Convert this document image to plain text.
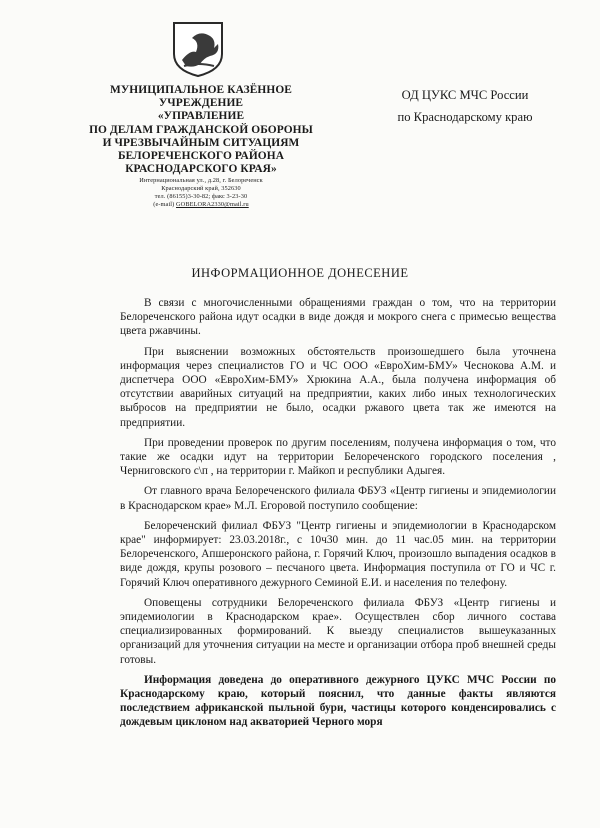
МУНИЦИПАЛЬНОЕ КАЗЁННОЕ
УЧРЕЖДЕНИЕ
«УПРАВЛЕНИЕ
ПО ДЕЛАМ ГРАЖДАНСКОЙ ОБОРОНЫ
И ЧРЕЗВЫЧАЙНЫМ СИТУАЦИЯМ
БЕЛОРЕЧЕНСКОГО РАЙОНА
КРАСНОДАРСКОГО КРАЯ»
Интернациональная ул., д.28, г. Белореченск
Краснодарский край, 352630
тел. (86155)3-30-82; факс 3-23-30
(e-mail) GOBELORA2330@mail.ru
ОД ЦУКС МЧС России
по Краснодарскому краю
ИНФОРМАЦИОННОЕ ДОНЕСЕНИЕ

В связи с многочисленными обращениями граждан о том, что на территории Белореченского района идут осадки в виде дождя и мокрого снега с примесью вещества цвета ржавчины.

При выяснении возможных обстоятельств произошедшего была уточнена информация через специалистов ГО и ЧС ООО «ЕвроХим-БМУ» Чеснокова А.М. и диспетчера ООО «ЕвроХим-БМУ» Хрюкина А.А., была получена информация об отсутствии аварийных ситуаций на предприятии, каких либо иных технологических выбросов на предприятии не было, осадки ржавого цвета так же имеются на предприятии.

При проведении проверок по другим поселениям, получена информация о том, что такие же осадки идут на территории Белореченского городского поселения , Черниговского с\п , на территории г. Майкоп и республики Адыгея.

От главного врача Белореченского филиала ФБУЗ «Центр гигиены и эпидемиологии в Краснодарском крае» М.Л. Егоровой поступило сообщение:

Белореченский филиал ФБУЗ "Центр гигиены и эпидемиологии в Краснодарском крае" информирует: 23.03.2018г., с 10ч30 мин. до 11 час.05 мин. на территории Белореченского, Апшеронского района, г. Горячий Ключ, произошло выпадения осадков в виде дождя, крупы розового – песчаного цвета. Информация поступила от ГО и ЧС г. Горячий Ключ оперативного дежурного Семиной Е.И. и населения по телефону.

Оповещены сотрудники Белореченского филиала ФБУЗ «Центр гигиены и эпидемиологии в Краснодарском крае». Осуществлен сбор личного состава специализированных формирований. К выезду специалистов вышеуказанных организаций для уточнения ситуации на месте и организации отбора проб внешней среды готовы.

Информация доведена до оперативного дежурного ЦУКС МЧС России по Краснодарскому краю, который пояснил, что данные факты являются последствием африканской пыльной бури, частицы которого конденсировались с дождевым циклоном над акваторией Черного моря
